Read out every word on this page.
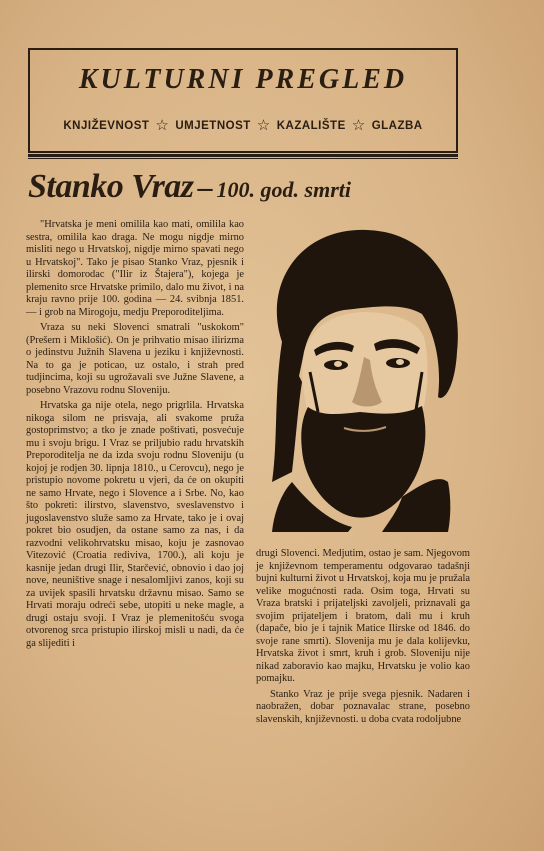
KULTURNI PREGLED
KNJIŽEVNOST ☆ UMJETNOST ☆ KAZALIŠTE ☆ GLAZBA
Stanko Vraz – 100. god. smrti

"Hrvatska je meni omilila kao mati, omilila kao sestra, omilila kao draga. Ne mogu nigdje mirno misliti nego u Hrvatskoj, nigdje mirno spavati nego u Hrvatskoj". Tako je pisao Stanko Vraz, pjesnik i ilirski domorodac ("Ilir iz Štajera"), kojega je plemenito srce Hrvatske primilo, dalo mu život, i na kraju ravno prije 100. godina — 24. svibnja 1851. — i grob na Mirogoju, medju Preporoditeljima.

Vraza su neki Slovenci smatrali "uskokom" (Prešern i Miklošić). On je prihvatio misao ilirizma o jedinstvu Južnih Slavena u jeziku i književnosti. Na to ga je poticao, uz ostalo, i strah pred tudjincima, koji su ugrožavali sve Južne Slavene, a posebno Vrazovu rodnu Sloveniju.

Hrvatska ga nije otela, nego prigrlila. Hrvatska nikoga silom ne prisvaja, ali svakome pruža gostoprimstvo; a tko je znade poštivati, posvećuje mu i svoju brigu. I Vraz se priljubio radu hrvatskih Preporoditelja ne da izda svoju rodnu Sloveniju (u kojoj je rodjen 30. lipnja 1810., u Cerovcu), nego je pristupio novome pokretu u vjeri, da će on okupiti ne samo Hrvate, nego i Slovence a i Srbe. No, kao što pokreti: ilirstvo, slavenstvo, sveslavenstvo i jugoslavenstvo služe samo za Hrvate, tako je i ovaj pokret bio osudjen, da ostane samo za nas, i da razvodni velikohrvatsku misao, koju je zasnovao Vitezović (Croatia rediviva, 1700.), ali koju je kasnije jedan drugi Ilir, Starčević, obnovio i dao joj nove, neuništive snage i nesalomljivi zanos, koji su za uvijek spasili hrvatsku državnu misao. Samo se Hrvati moraju odreći sebe, utopiti u neke magle, a drugi ostaju svoji. I Vraz je plemenitošću svoga otvorenog srca pristupio ilirskoj misli u nadi, da će ga slijediti i

drugi Slovenci. Medjutim, ostao je sam. Njegovom je književnom temperamentu odgovarao tadašnji bujni kulturni život u Hrvatskoj, koja mu je pružala velike mogućnosti rada. Osim toga, Hrvati su Vraza bratski i prijateljski zavoljeli, priznavali ga svojim prijateljem i bratom, dali mu i kruh (dapače, bio je i tajnik Matice Ilirske od 1846. do svoje rane smrti). Slovenija mu je dala kolijevku, Hrvatska život i smrt, kruh i grob. Sloveniju nije nikad zaboravio kao majku, Hrvatsku je volio kao pomajku.

Stanko Vraz je prije svega pjesnik. Nadaren i naobražen, dobar poznavalac strane, posebno slavenskih, književnosti. u doba cvata rodoljubne
